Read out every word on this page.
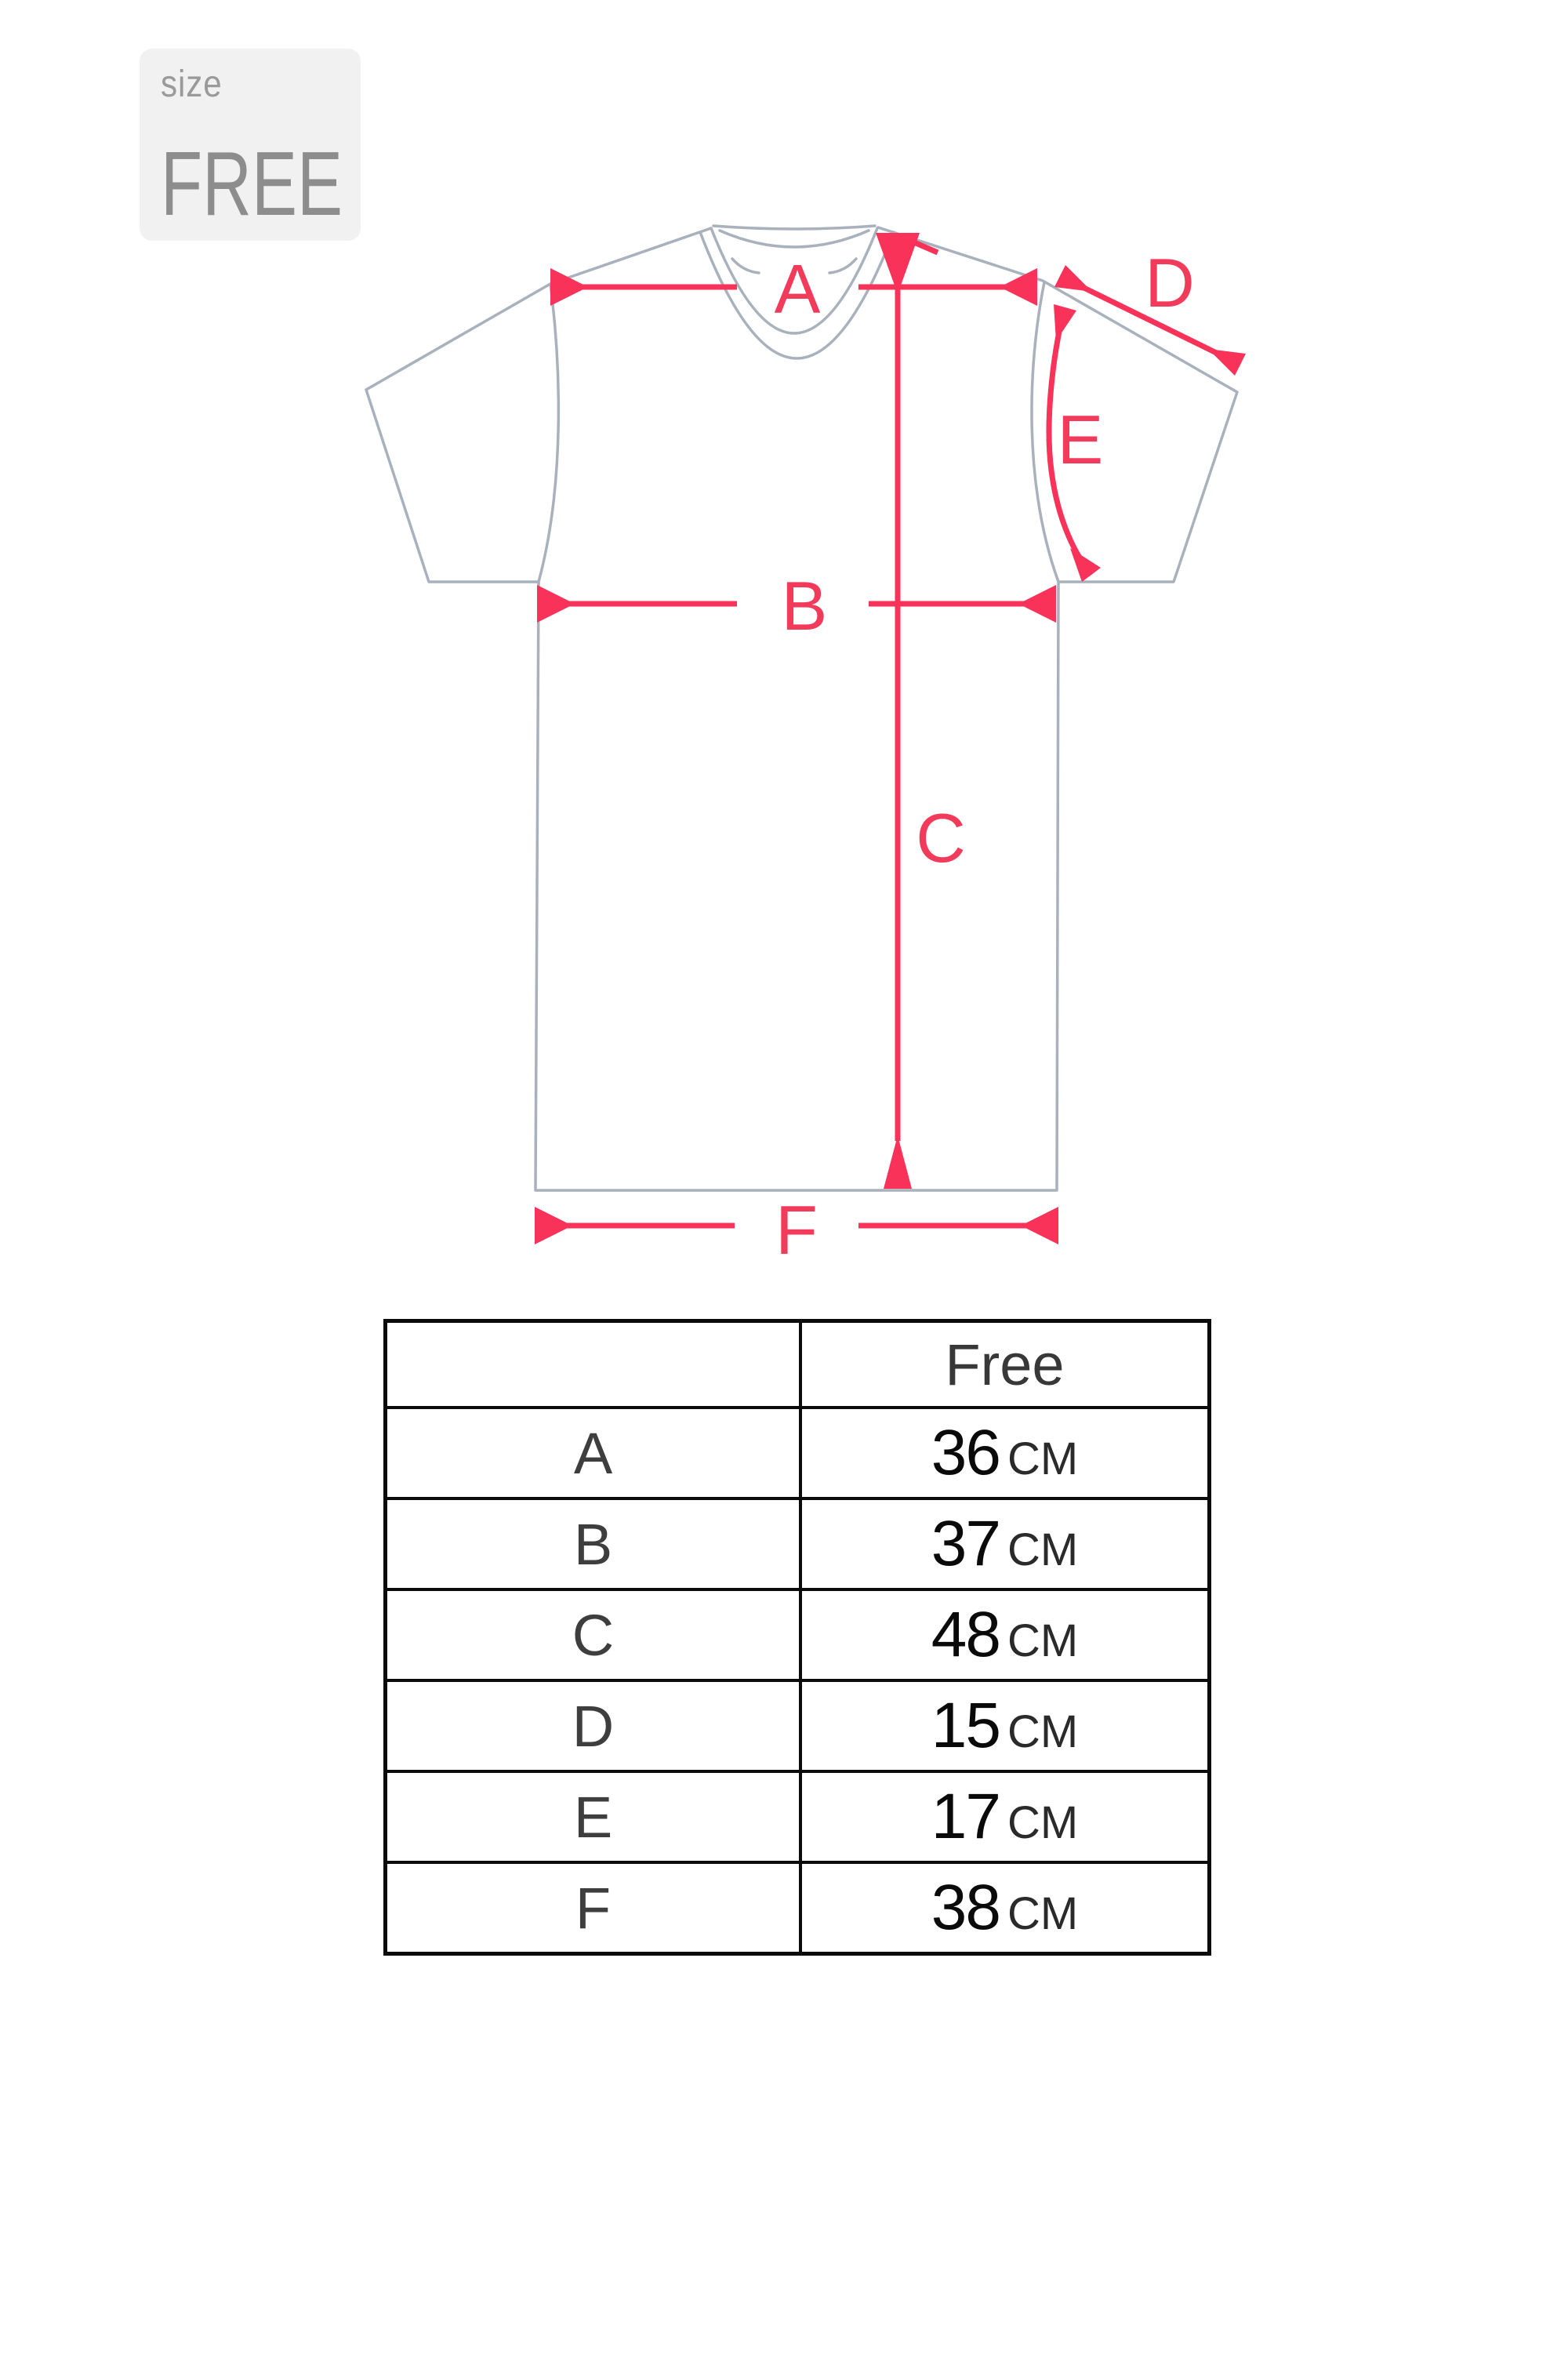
size
FREE
A
B
C
D
E
F
	Free
A	36 CM
B	37 CM
C	48 CM
D	15 CM
E	17 CM
F	38 CM
